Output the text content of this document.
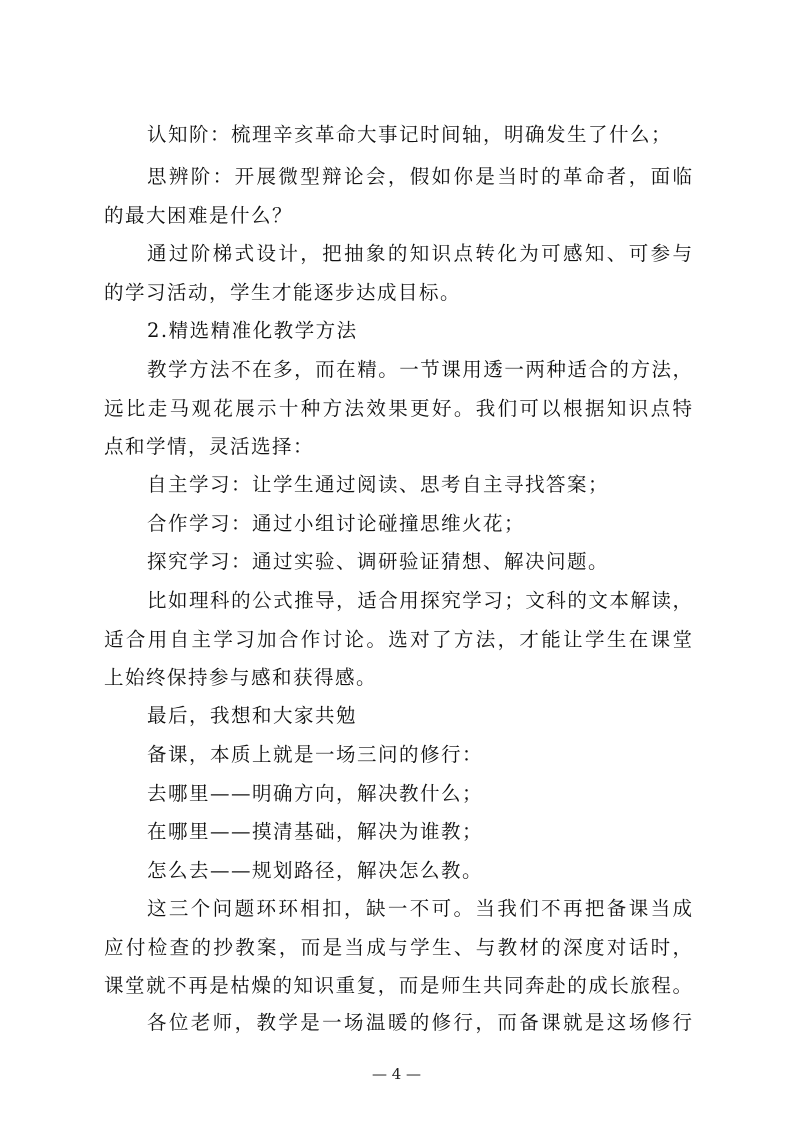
认知阶：梳理辛亥革命大事记时间轴，明确发生了什么；
思辨阶：开展微型辩论会，假如你是当时的革命者，面临
的最大困难是什么？
通过阶梯式设计，把抽象的知识点转化为可感知、可参与
的学习活动，学生才能逐步达成目标。
2.精选精准化教学方法
教学方法不在多，而在精。一节课用透一两种适合的方法，
远比走马观花展示十种方法效果更好。我们可以根据知识点特
点和学情，灵活选择：
自主学习：让学生通过阅读、思考自主寻找答案；
合作学习：通过小组讨论碰撞思维火花；
探究学习：通过实验、调研验证猜想、解决问题。
比如理科的公式推导，适合用探究学习；文科的文本解读，
适合用自主学习加合作讨论。选对了方法，才能让学生在课堂
上始终保持参与感和获得感。
最后，我想和大家共勉
备课，本质上就是一场三问的修行：
去哪里——明确方向，解决教什么；
在哪里——摸清基础，解决为谁教；
怎么去——规划路径，解决怎么教。
这三个问题环环相扣，缺一不可。当我们不再把备课当成
应付检查的抄教案，而是当成与学生、与教材的深度对话时，
课堂就不再是枯燥的知识重复，而是师生共同奔赴的成长旅程。
各位老师，教学是一场温暖的修行，而备课就是这场修行
— 4 —
